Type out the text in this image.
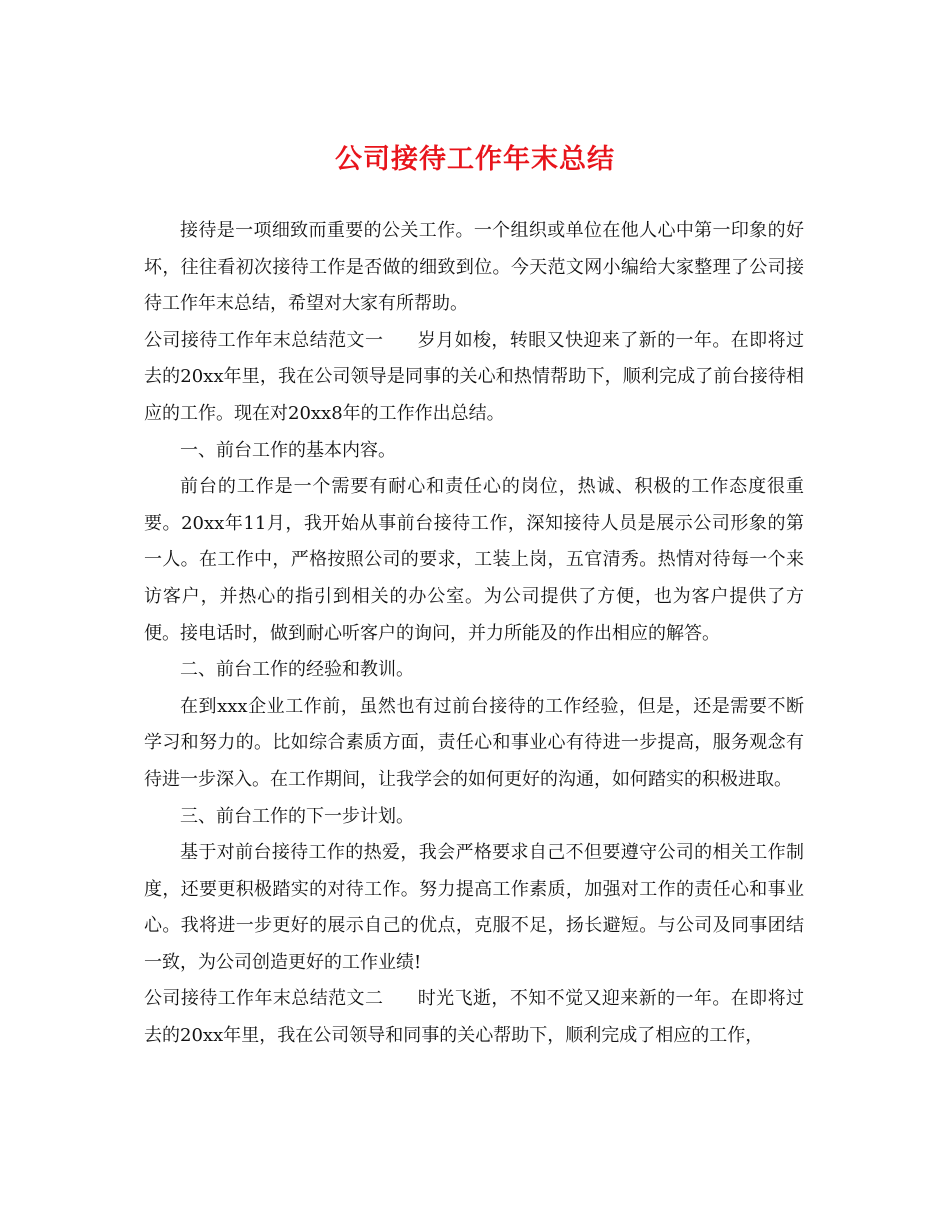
公司接待工作年末总结

接待是一项细致而重要的公关工作。一个组织或单位在他人心中第一印象的好坏，往往看初次接待工作是否做的细致到位。今天范文网小编给大家整理了公司接待工作年末总结，希望对大家有所帮助。

公司接待工作年末总结范文一 岁月如梭，转眼又快迎来了新的一年。在即将过去的20xx年里，我在公司领导是同事的关心和热情帮助下，顺利完成了前台接待相应的工作。现在对20xx8年的工作作出总结。

一、前台工作的基本内容。

前台的工作是一个需要有耐心和责任心的岗位，热诚、积极的工作态度很重要。20xx年11月，我开始从事前台接待工作，深知接待人员是展示公司形象的第一人。在工作中，严格按照公司的要求，工装上岗，五官清秀。热情对待每一个来访客户，并热心的指引到相关的办公室。为公司提供了方便，也为客户提供了方便。接电话时，做到耐心听客户的询问，并力所能及的作出相应的解答。

二、前台工作的经验和教训。

在到xxx企业工作前，虽然也有过前台接待的工作经验，但是，还是需要不断学习和努力的。比如综合素质方面，责任心和事业心有待进一步提高，服务观念有待进一步深入。在工作期间，让我学会的如何更好的沟通，如何踏实的积极进取。

三、前台工作的下一步计划。

基于对前台接待工作的热爱，我会严格要求自己不但要遵守公司的相关工作制度，还要更积极踏实的对待工作。努力提高工作素质，加强对工作的责任心和事业心。我将进一步更好的展示自己的优点，克服不足，扬长避短。与公司及同事团结一致，为公司创造更好的工作业绩!

公司接待工作年末总结范文二 时光飞逝，不知不觉又迎来新的一年。在即将过去的20xx年里，我在公司领导和同事的关心帮助下，顺利完成了相应的工作，
